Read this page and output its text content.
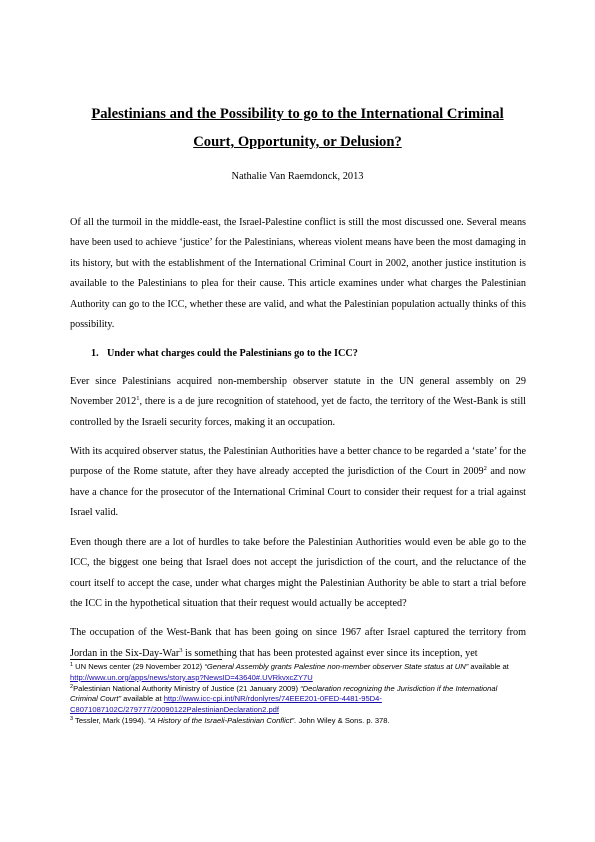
Palestinians and the Possibility to go to the International Criminal
Court, Opportunity, or Delusion?
Nathalie Van Raemdonck, 2013

Of all the turmoil in the middle-east, the Israel-Palestine conflict is still the most discussed one. Several means have been used to achieve ‘justice’ for the Palestinians, whereas violent means have been the most damaging in its history, but with the establishment of the International Criminal Court in 2002, another justice institution is available to the Palestinians to plea for their cause. This article examines under what charges the Palestinian Authority can go to the ICC, whether these are valid, and what the Palestinian population actually thinks of this possibility.

1. Under what charges could the Palestinians go to the ICC?

Ever since Palestinians acquired non-membership observer statute in the UN general assembly on 29 November 2012$^1$, there is a de jure recognition of statehood, yet de facto, the territory of the West-Bank is still controlled by the Israeli security forces, making it an occupation.

With its acquired observer status, the Palestinian Authorities have a better chance to be regarded a ‘state’ for the purpose of the Rome statute, after they have already accepted the jurisdiction of the Court in 2009$^2$ and now have a chance for the prosecutor of the International Criminal Court to consider their request for a trial against Israel valid.

Even though there are a lot of hurdles to take before the Palestinian Authorities would even be able go to the ICC, the biggest one being that Israel does not accept the jurisdiction of the court, and the reluctance of the court itself to accept the case, under what charges might the Palestinian Authority be able to start a trial before the ICC in the hypothetical situation that their request would actually be accepted?

The occupation of the West-Bank that has been going on since 1967 after Israel captured the territory from Jordan in the Six-Day-War$^3$ is something that has been protested against ever since its inception, yet

$^1$ UN News center (29 November 2012) “General Assembly grants Palestine non-member observer State status at UN” available at http://www.un.org/apps/news/story.asp?NewsID=43640#.UVRkvxcZY7U

$^2$Palestinian National Authority Ministry of Justice (21 January 2009) “Declaration recognizing the Jurisdiction if the International Criminal Court” available at http://www.icc-cpi.int/NR/rdonlyres/74EEE201-0FED-4481-95D4-C8071087102C/279777/20090122PalestinianDeclaration2.pdf

$^3$ Tessler, Mark (1994). “A History of the Israeli-Palestinian Conflict”. John Wiley & Sons. p. 378.
